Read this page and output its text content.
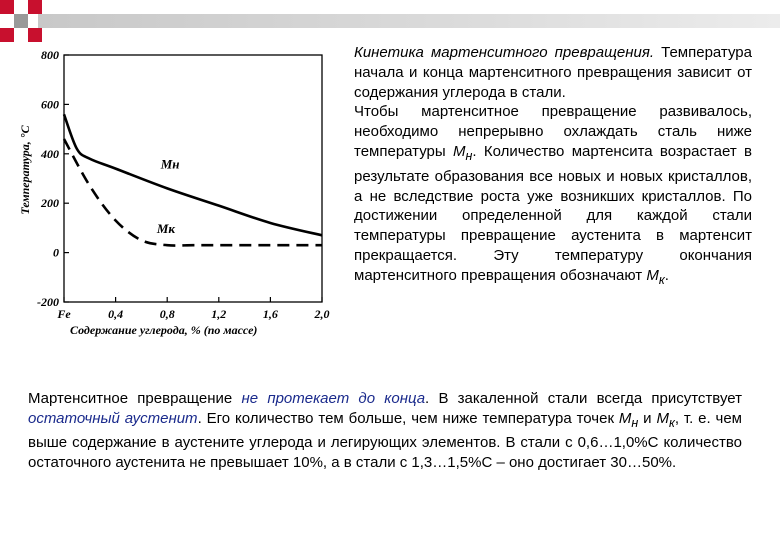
800
600
400
200
0
-200
Fe	0,4	0,8	1,2	1,6	2,0
Мн
Мк
Температура, °С
Содержание углерода, % (по массе)

Кинетика мартенситного превращения. Температура начала и конца мартенситного превращения зависит от содержания углерода в стали.

Чтобы мартенситное превращение развивалось, необходимо непрерывно охлаждать сталь ниже температуры $М_н$. Количество мартенсита возрастает в результате образования все новых и новых кристаллов, а не вследствие роста уже возникших кристаллов. По достижении определенной для каждой стали температуры превращение аустенита в мартенсит прекращается. Эту температуру окончания мартенситного превращения обозначают $М_к$.

Мартенситное превращение не протекает до конца. В закаленной стали всегда присутствует остаточный аустенит. Его количество тем больше, чем ниже температура точек $М_н$ и $М_к$, т. е. чем выше содержание в аустените углерода и легирующих элементов. В стали с 0,6…1,0%С количество остаточного аустенита не превышает 10%, а в стали с 1,3…1,5%С – оно достигает 30…50%.
